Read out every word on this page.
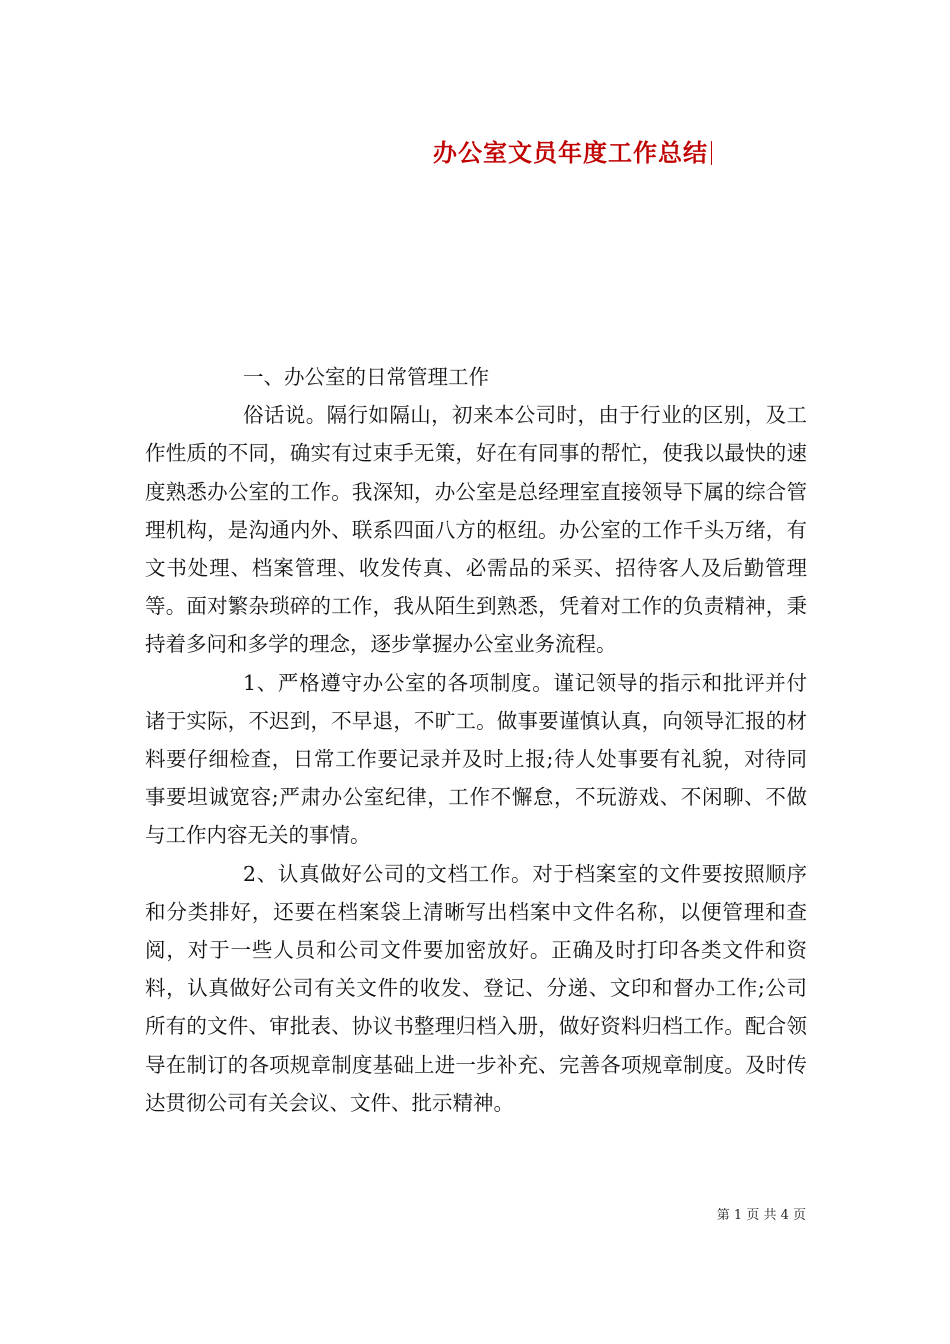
办公室文员年度工作总结

一、办公室的日常管理工作

俗话说。隔行如隔山，初来本公司时，由于行业的区别，及工作性质的不同，确实有过束手无策，好在有同事的帮忙，使我以最快的速度熟悉办公室的工作。我深知，办公室是总经理室直接领导下属的综合管理机构，是沟通内外、联系四面八方的枢纽。办公室的工作千头万绪，有文书处理、档案管理、收发传真、必需品的采买、招待客人及后勤管理等。面对繁杂琐碎的工作，我从陌生到熟悉，凭着对工作的负责精神，秉持着多问和多学的理念，逐步掌握办公室业务流程。

1、严格遵守办公室的各项制度。谨记领导的指示和批评并付诸于实际，不迟到，不早退，不旷工。做事要谨慎认真，向领导汇报的材料要仔细检查，日常工作要记录并及时上报;待人处事要有礼貌，对待同事要坦诚宽容;严肃办公室纪律，工作不懈怠，不玩游戏、不闲聊、不做与工作内容无关的事情。

2、认真做好公司的文档工作。对于档案室的文件要按照顺序和分类排好，还要在档案袋上清晰写出档案中文件名称，以便管理和查阅，对于一些人员和公司文件要加密放好。正确及时打印各类文件和资料，认真做好公司有关文件的收发、登记、分递、文印和督办工作;公司所有的文件、审批表、协议书整理归档入册，做好资料归档工作。配合领导在制订的各项规章制度基础上进一步补充、完善各项规章制度。及时传达贯彻公司有关会议、文件、批示精神。

第 1 页 共 4 页
